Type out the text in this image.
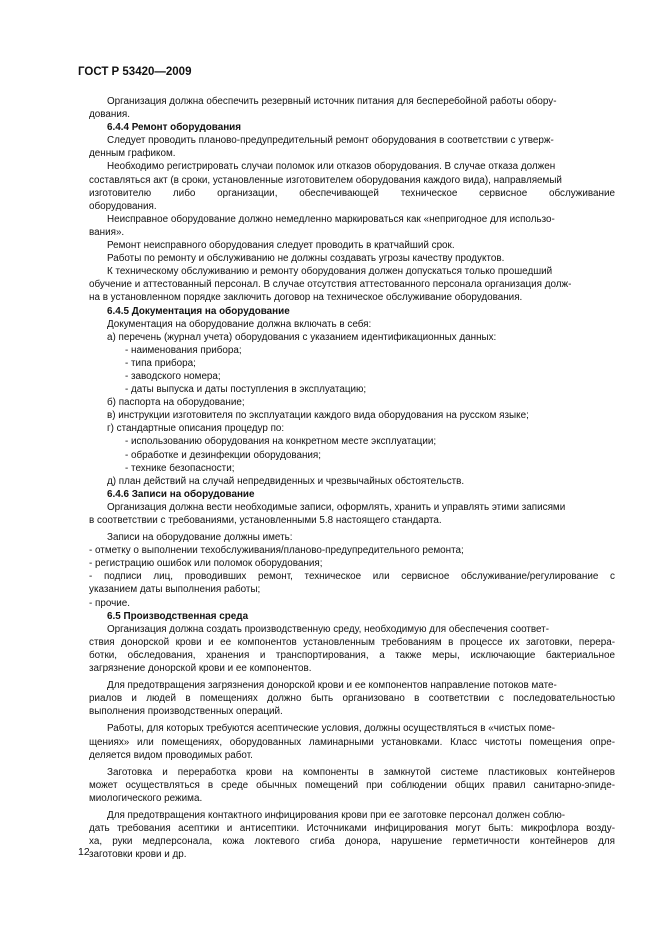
ГОСТ Р 53420—2009

Организация должна обеспечить резервный источник питания для бесперебойной работы обору-

дования.

6.4.4 Ремонт оборудования

Следует проводить планово-предупредительный ремонт оборудования в соответствии с утверж-

денным графиком.

Необходимо регистрировать случаи поломок или отказов оборудования. В случае отказа должен

составляться акт (в сроки, установленные изготовителем оборудования каждого вида), направляемый

изготовителю либо организации, обеспечивающей техническое сервисное обслуживание

оборудования.

Неисправное оборудование должно немедленно маркироваться как «непригодное для использо-

вания».

Ремонт неисправного оборудования следует проводить в кратчайший срок.

Работы по ремонту и обслуживанию не должны создавать угрозы качеству продуктов.

К техническому обслуживанию и ремонту оборудования должен допускаться только прошедший

обучение и аттестованный персонал. В случае отсутствия аттестованного персонала организация долж-

на в установленном порядке заключить договор на техническое обслуживание оборудования.

6.4.5 Документация на оборудование

Документация на оборудование должна включать в себя:

а) перечень (журнал учета) оборудования с указанием идентификационных данных:

- наименования прибора;

- типа прибора;

- заводского номера;

- даты выпуска и даты поступления в эксплуатацию;

б) паспорта на оборудование;

в) инструкции изготовителя по эксплуатации каждого вида оборудования на русском языке;

г) стандартные описания процедур по:

- использованию оборудования на конкретном месте эксплуатации;

- обработке и дезинфекции оборудования;

- технике безопасности;

д) план действий на случай непредвиденных и чрезвычайных обстоятельств.

6.4.6 Записи на оборудование

Организация должна вести необходимые записи, оформлять, хранить и управлять этими записями

в соответствии с требованиями, установленными 5.8 настоящего стандарта.

Записи на оборудование должны иметь:

- отметку о выполнении техобслуживания/планово-предупредительного ремонта;

- регистрацию ошибок или поломок оборудования;

- подписи лиц, проводивших ремонт, техническое или сервисное обслуживание/регулирование с

указанием даты выполнения работы;

- прочие.

6.5 Производственная среда

Организация должна создать производственную среду, необходимую для обеспечения соответ-

ствия донорской крови и ее компонентов установленным требованиям в процессе их заготовки, перера-

ботки, обследования, хранения и транспортирования, а также меры, исключающие бактериальное

загрязнение донорской крови и ее компонентов.

Для предотвращения загрязнения донорской крови и ее компонентов направление потоков мате-

риалов и людей в помещениях должно быть организовано в соответствии с последовательностью

выполнения производственных операций.

Работы, для которых требуются асептические условия, должны осуществляться в «чистых поме-

щениях» или помещениях, оборудованных ламинарными установками. Класс чистоты помещения опре-

деляется видом проводимых работ.

Заготовка и переработка крови на компоненты в замкнутой системе пластиковых контейнеров

может осуществляться в среде обычных помещений при соблюдении общих правил санитарно-эпиде-

миологического режима.

Для предотвращения контактного инфицирования крови при ее заготовке персонал должен соблю-

дать требования асептики и антисептики. Источниками инфицирования могут быть: микрофлора возду-

ха, руки медперсонала, кожа локтевого сгиба донора, нарушение герметичности контейнеров для

заготовки крови и др.

12
